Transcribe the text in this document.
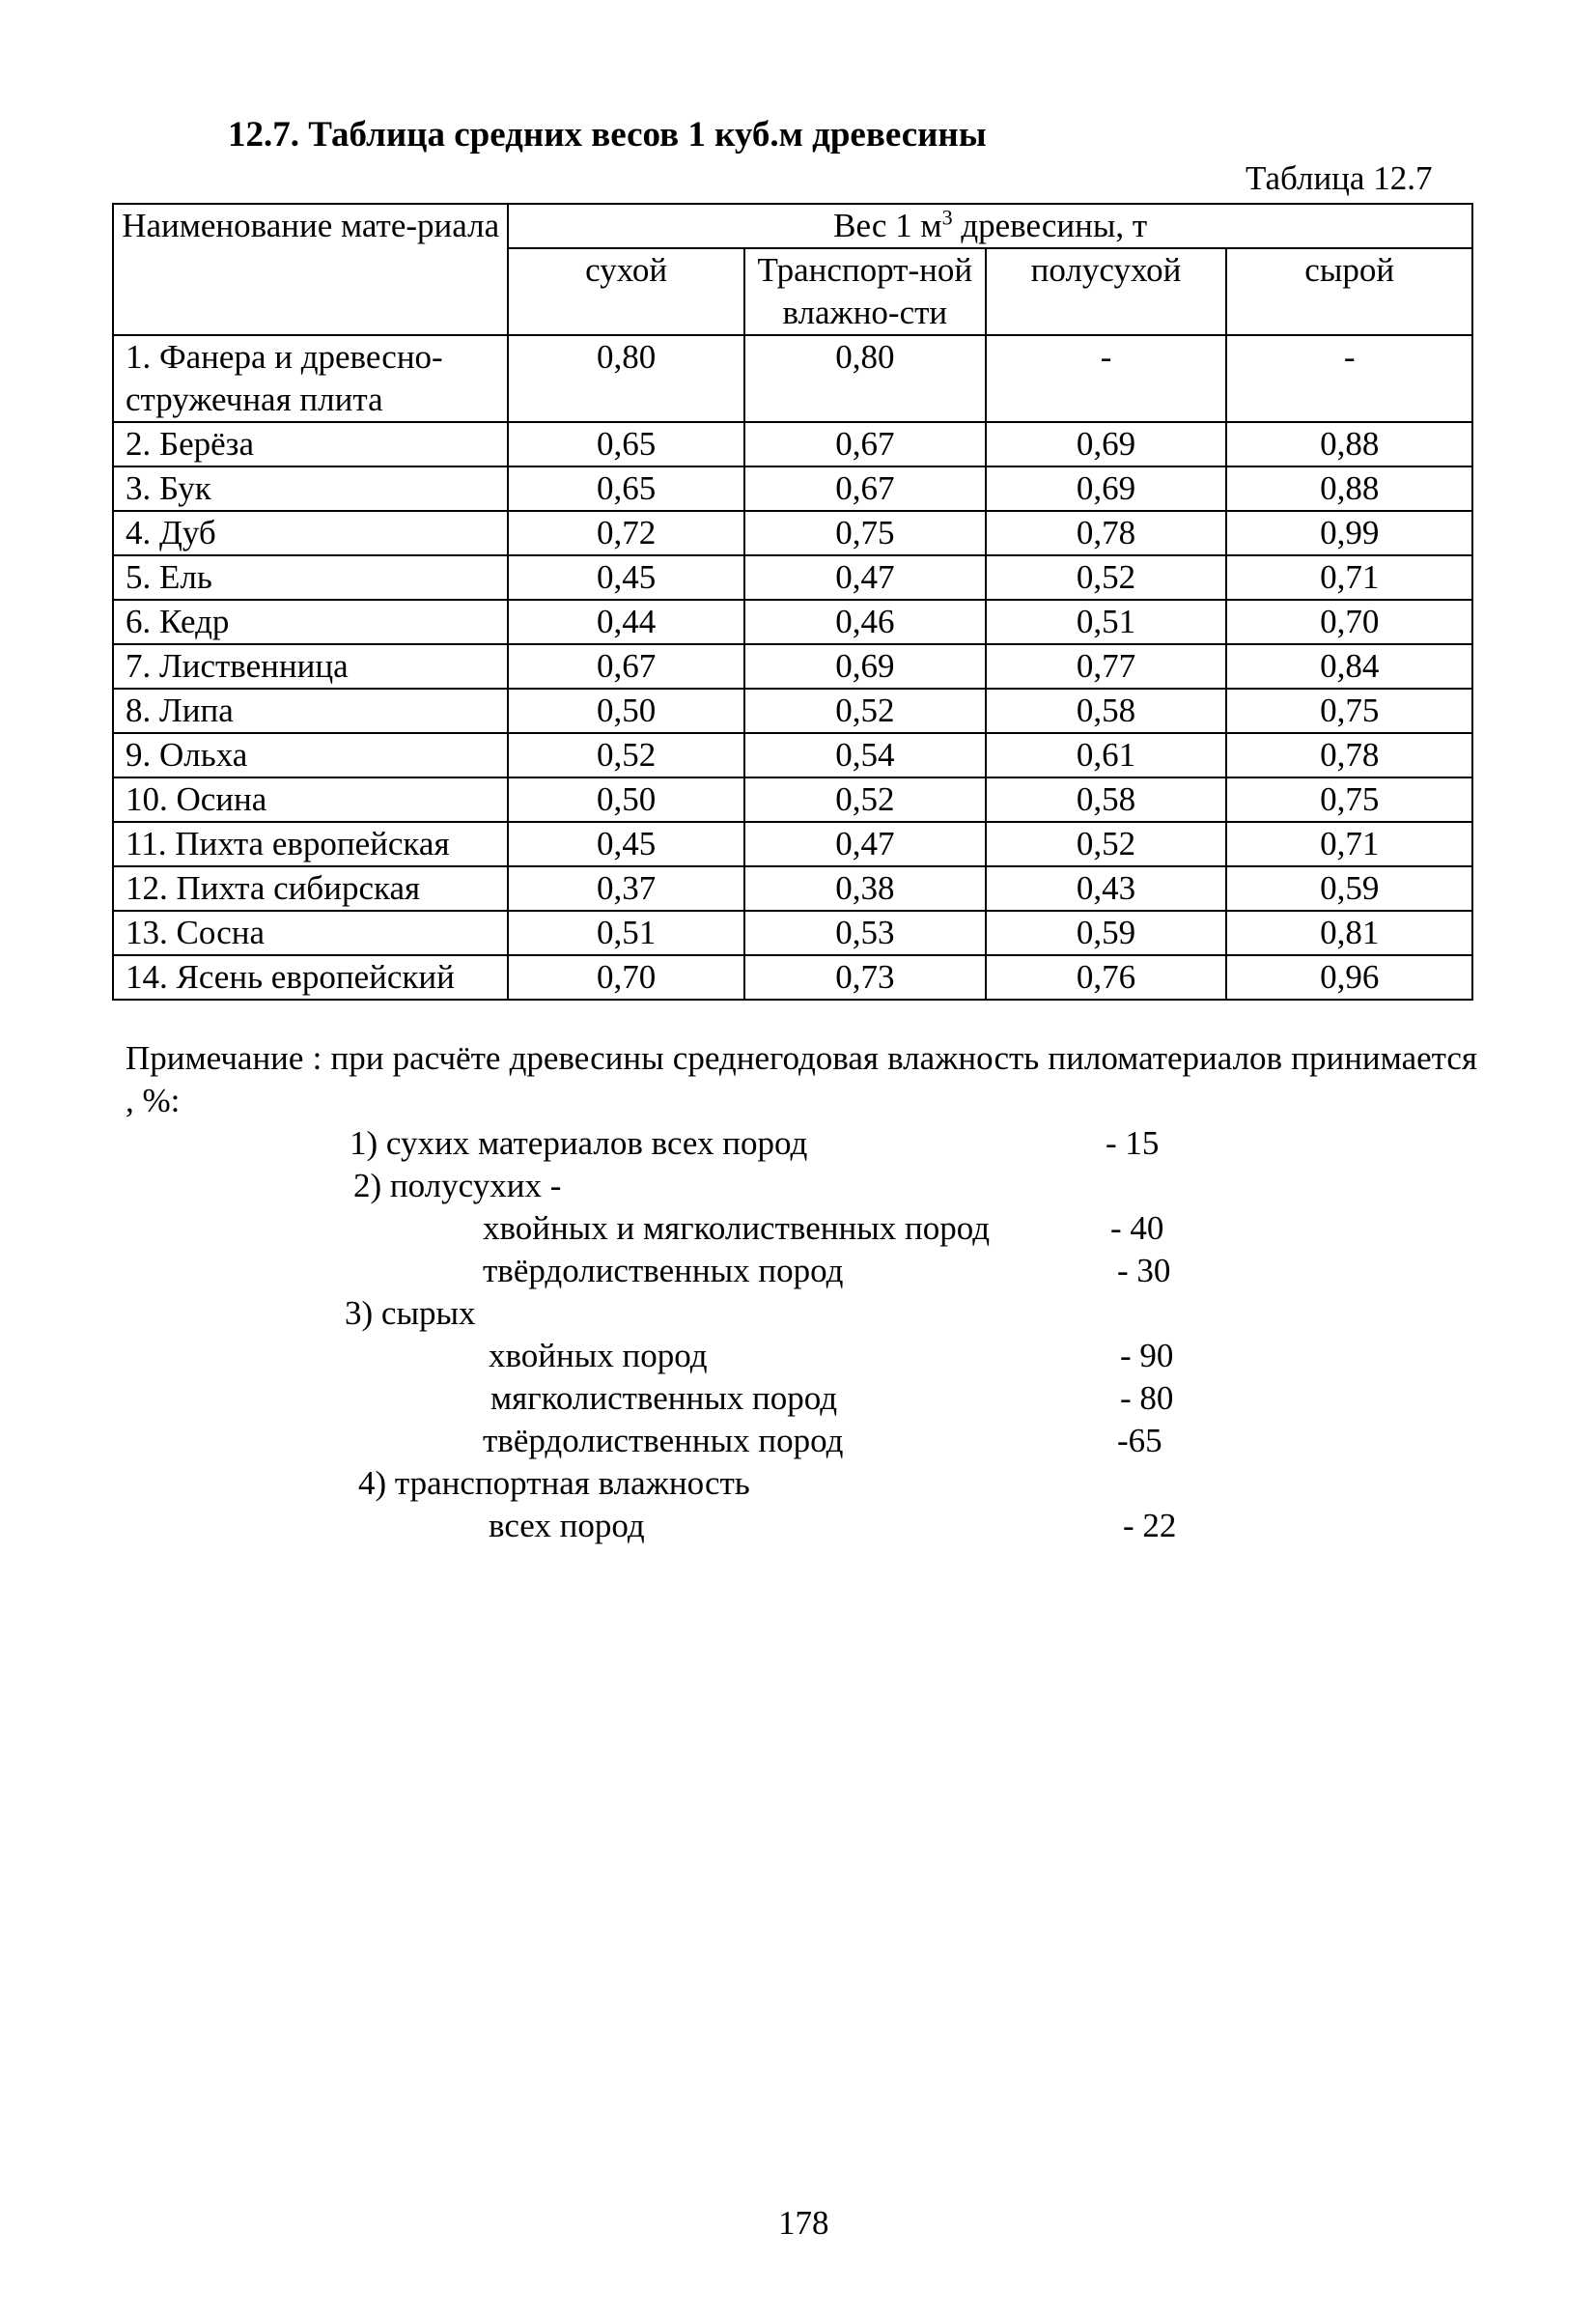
12.7. Таблица средних весов 1 куб.м древесины
Таблица 12.7
Наименование мате-риала	Вес 1 $м^3$ древесины, т			
	сухой	Транспорт-ной влажно-сти	полусухой	сырой
1. Фанера и древесно-стружечная плита	0,80	0,80	-	-
2. Берёза	0,65	0,67	0,69	0,88
3. Бук	0,65	0,67	0,69	0,88
4. Дуб	0,72	0,75	0,78	0,99
5. Ель	0,45	0,47	0,52	0,71
6. Кедр	0,44	0,46	0,51	0,70
7. Лиственница	0,67	0,69	0,77	0,84
8. Липа	0,50	0,52	0,58	0,75
9. Ольха	0,52	0,54	0,61	0,78
10. Осина	0,50	0,52	0,58	0,75
11. Пихта европейская	0,45	0,47	0,52	0,71
12. Пихта сибирская	0,37	0,38	0,43	0,59
13. Сосна	0,51	0,53	0,59	0,81
14. Ясень европейский	0,70	0,73	0,76	0,96

Примечание : при расчёте древесины среднегодовая влажность пиломатериалов принимается , %:

1) сухих материалов всех пород	- 15
2) полусухих -
хвойных и мягколиственных пород	- 40
твёрдолиственных пород	- 30
3) сырых
хвойных пород	- 90
мягколиственных пород	- 80
твёрдолиственных пород	-65
4) транспортная влажность
всех пород	- 22
178
